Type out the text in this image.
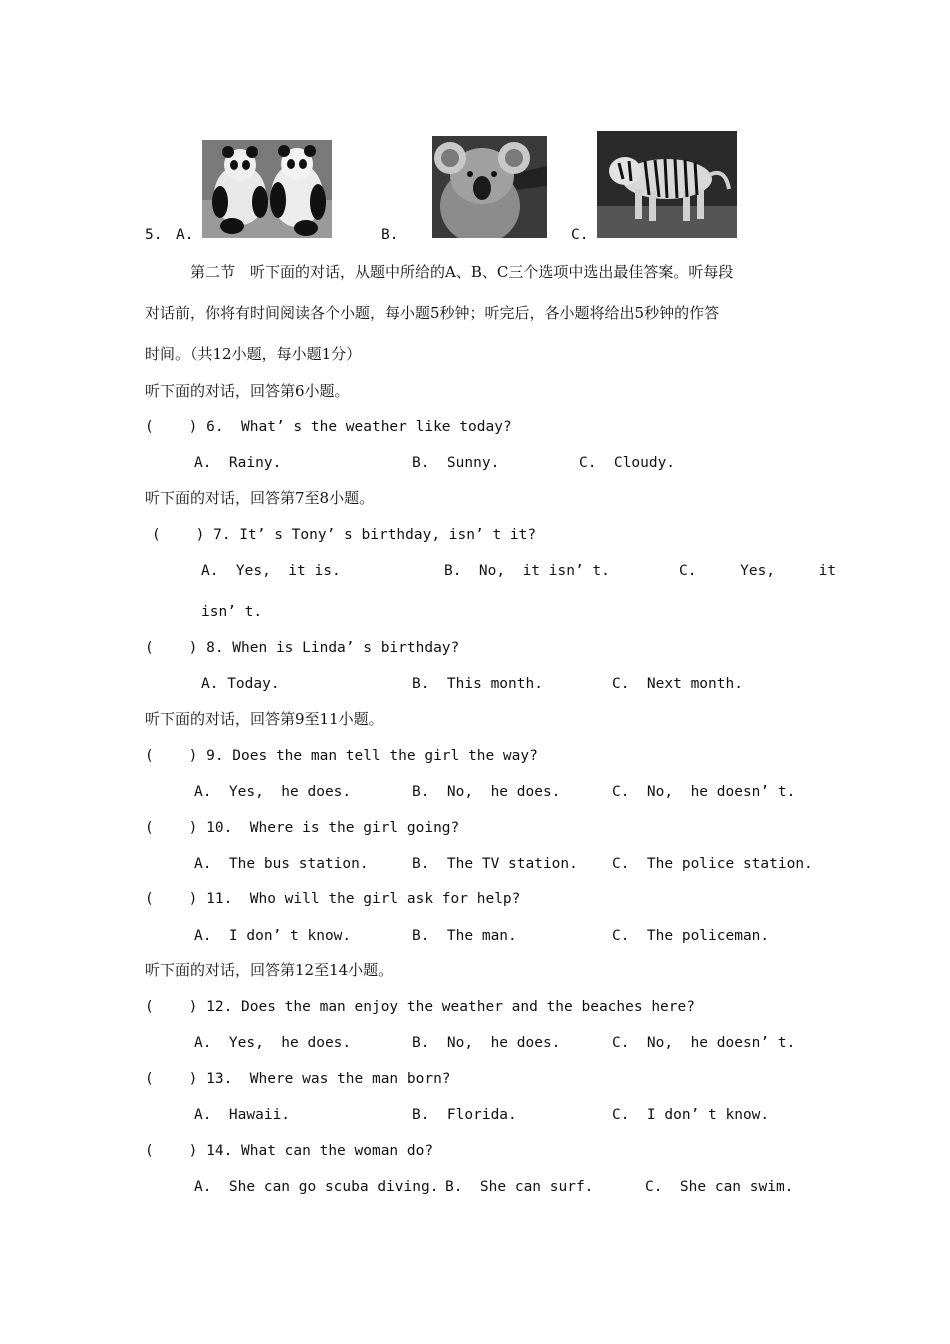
5. A.	B.	C.
第二节　听下面的对话，从题中所给的A、B、C三个选项中选出最佳答案。听每段
对话前，你将有时间阅读各个小题，每小题5秒钟；听完后，各小题将给出5秒钟的作答
时间。（共12小题，每小题1分）
听下面的对话，回答第6小题。
(    ) 6.  What’ s the weather like today?
A.  Rainy.	B.  Sunny.	C.  Cloudy.
听下面的对话，回答第7至8小题。
(    ) 7. It’ s Tony’ s birthday, isn’ t it?
A.  Yes,  it is.	B.  No,  it isn’ t.	C.     Yes,     it
isn’ t.
(    ) 8. When is Linda’ s birthday?
A. Today.	B.  This month.	C.  Next month.
听下面的对话，回答第9至11小题。
(    ) 9. Does the man tell the girl the way?
A.  Yes,  he does.	B.  No,  he does.	C.  No,  he doesn’ t.
(    ) 10.  Where is the girl going?
A.  The bus station.	B.  The TV station. C.  The police station.
(    ) 11.  Who will the girl ask for help?
A.  I don’ t know.	B.  The man.	C.  The policeman.
听下面的对话，回答第12至14小题。
(    ) 12. Does the man enjoy the weather and the beaches here?
A.  Yes,  he does.	B.  No,  he does.	C.  No,  he doesn’ t.
(    ) 13.  Where was the man born?
A.  Hawaii.	B.  Florida.	C.  I don’ t know.
(    ) 14. What can the woman do?
A.  She can go scuba diving. B.  She can surf.	C.  She can swim.
